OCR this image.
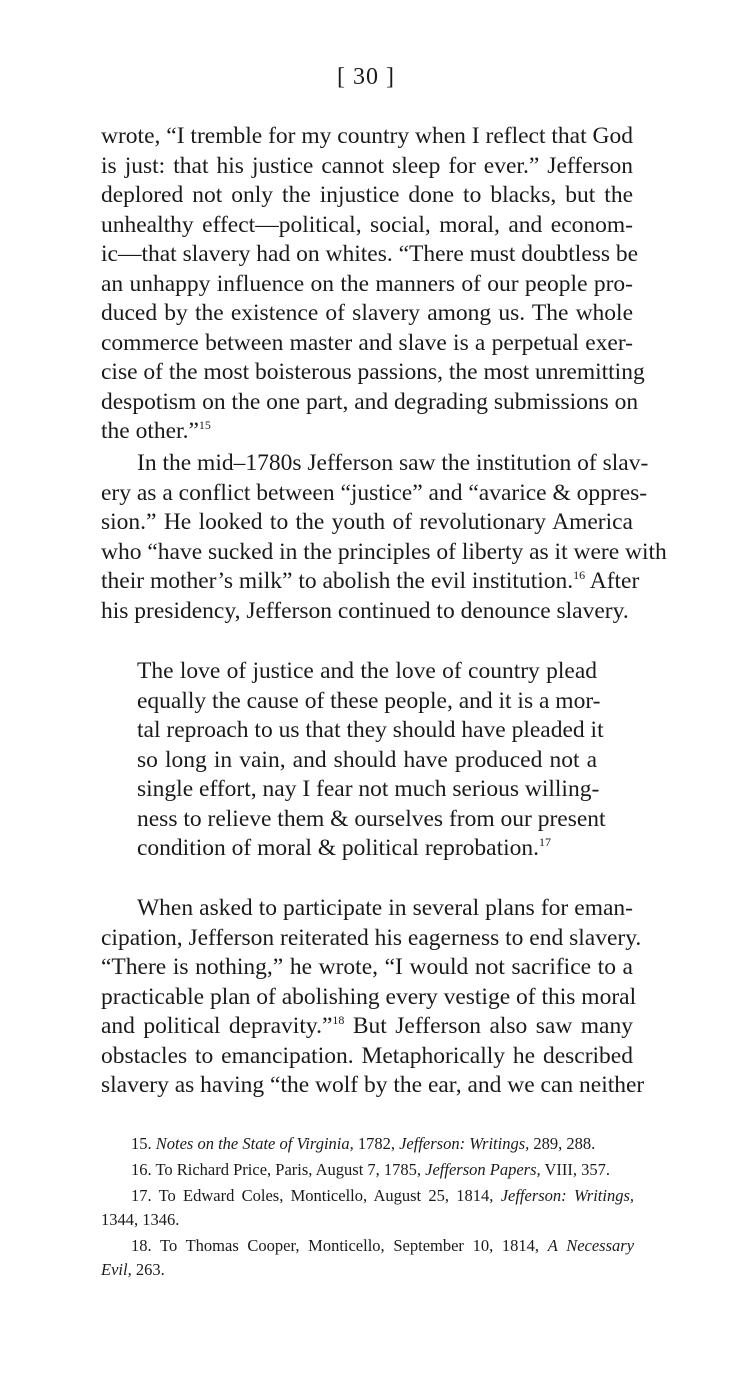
[ 30 ]
wrote, “I tremble for my country when I reflect that God
is just: that his justice cannot sleep for ever.” Jefferson
deplored not only the injustice done to blacks, but the
unhealthy effect—political, social, moral, and econom-
ic—that slavery had on whites. “There must doubtless be
an unhappy influence on the manners of our people pro-
duced by the existence of slavery among us. The whole
commerce between master and slave is a perpetual exer-
cise of the most boisterous passions, the most unremitting
despotism on the one part, and degrading submissions on
the other.”$^{15}$
In the mid–1780s Jefferson saw the institution of slav-
ery as a conflict between “justice” and “avarice & oppres-
sion.” He looked to the youth of revolutionary America
who “have sucked in the principles of liberty as it were with
their mother’s milk” to abolish the evil institution.$^{16}$ After
his presidency, Jefferson continued to denounce slavery.
The love of justice and the love of country plead
equally the cause of these people, and it is a mor-
tal reproach to us that they should have pleaded it
so long in vain, and should have produced not a
single effort, nay I fear not much serious willing-
ness to relieve them & ourselves from our present
condition of moral & political reprobation.$^{17}$
When asked to participate in several plans for eman-
cipation, Jefferson reiterated his eagerness to end slavery.
“There is nothing,” he wrote, “I would not sacrifice to a
practicable plan of abolishing every vestige of this moral
and political depravity.”$^{18}$ But Jefferson also saw many
obstacles to emancipation. Metaphorically he described
slavery as having “the wolf by the ear, and we can neither
15. Notes on the State of Virginia, 1782, Jefferson: Writings, 289, 288.
16. To Richard Price, Paris, August 7, 1785, Jefferson Papers, VIII, 357.
17. To Edward Coles, Monticello, August 25, 1814, Jefferson: Writings,
1344, 1346.
18. To Thomas Cooper, Monticello, September 10, 1814, A Necessary
Evil, 263.
